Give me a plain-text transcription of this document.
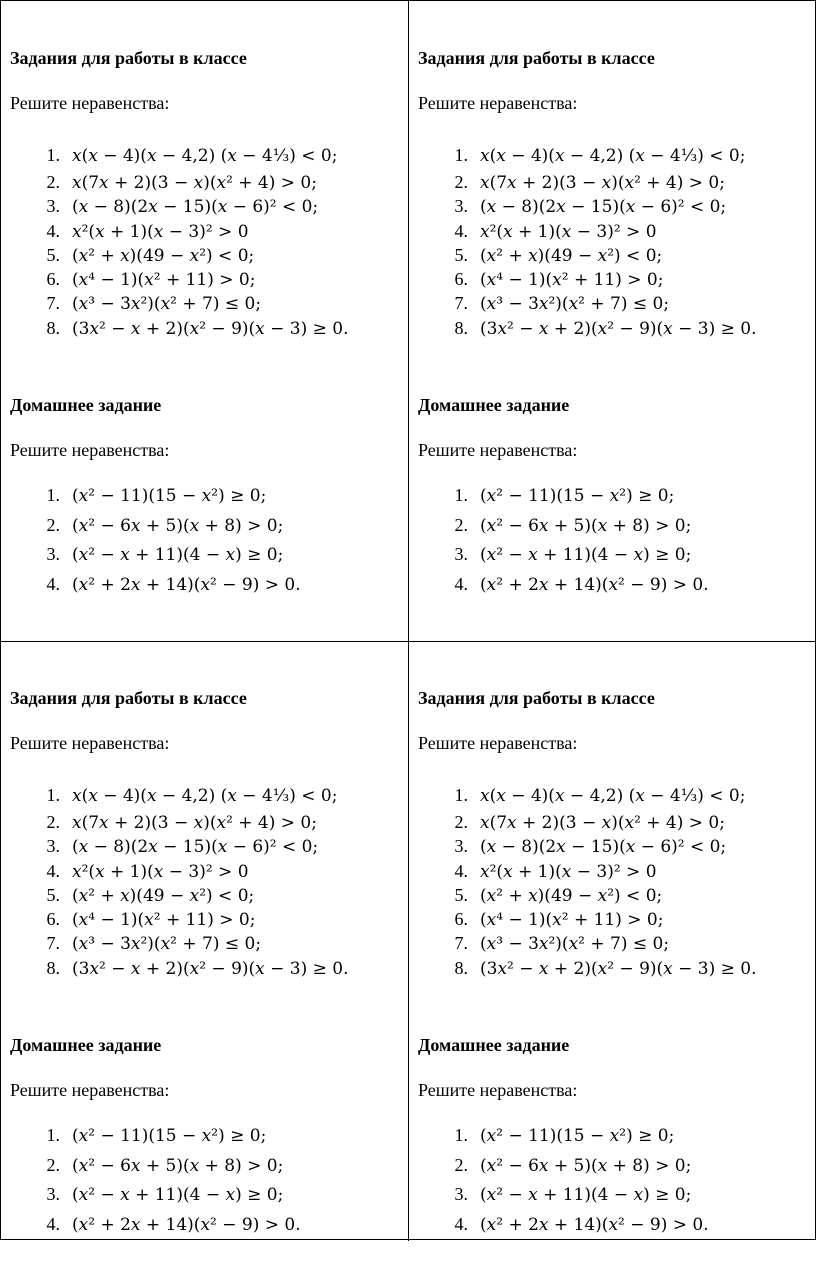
Задания для работы в классе
Решите неравенства:
1 . 𝑥(𝑥 − 4)(𝑥 − 4,2) (𝑥 − 4⅓) < 0;
2 . 𝑥(7𝑥 + 2)(3 − 𝑥)(𝑥² + 4) > 0;
3 . (𝑥 − 8)(2𝑥 − 15)(𝑥 − 6)² < 0;
4 . 𝑥²(𝑥 + 1)(𝑥 − 3)² > 0
5 . (𝑥² + 𝑥)(49 − 𝑥²) < 0;
6 . (𝑥⁴ − 1)(𝑥² + 11) > 0;
7 . (𝑥³ − 3𝑥²)(𝑥² + 7) ≤ 0;
8 . (3𝑥² − 𝑥 + 2)(𝑥² − 9)(𝑥 − 3) ≥ 0.
Домашнее задание
Решите неравенства:
1 . (𝑥² − 11)(15 − 𝑥²) ≥ 0;
2 . (𝑥² − 6𝑥 + 5)(𝑥 + 8) > 0;
3 . (𝑥² − 𝑥 + 11)(4 − 𝑥) ≥ 0;
4 . (𝑥² + 2𝑥 + 14)(𝑥² − 9) > 0.
Задания для работы в классе
Решите неравенства:
1 . 𝑥(𝑥 − 4)(𝑥 − 4,2) (𝑥 − 4⅓) < 0;
2 . 𝑥(7𝑥 + 2)(3 − 𝑥)(𝑥² + 4) > 0;
3 . (𝑥 − 8)(2𝑥 − 15)(𝑥 − 6)² < 0;
4 . 𝑥²(𝑥 + 1)(𝑥 − 3)² > 0
5 . (𝑥² + 𝑥)(49 − 𝑥²) < 0;
6 . (𝑥⁴ − 1)(𝑥² + 11) > 0;
7 . (𝑥³ − 3𝑥²)(𝑥² + 7) ≤ 0;
8 . (3𝑥² − 𝑥 + 2)(𝑥² − 9)(𝑥 − 3) ≥ 0.
Домашнее задание
Решите неравенства:
1 . (𝑥² − 11)(15 − 𝑥²) ≥ 0;
2 . (𝑥² − 6𝑥 + 5)(𝑥 + 8) > 0;
3 . (𝑥² − 𝑥 + 11)(4 − 𝑥) ≥ 0;
4 . (𝑥² + 2𝑥 + 14)(𝑥² − 9) > 0.
Задания для работы в классе
Решите неравенства:
1 . 𝑥(𝑥 − 4)(𝑥 − 4,2) (𝑥 − 4⅓) < 0;
2 . 𝑥(7𝑥 + 2)(3 − 𝑥)(𝑥² + 4) > 0;
3 . (𝑥 − 8)(2𝑥 − 15)(𝑥 − 6)² < 0;
4 . 𝑥²(𝑥 + 1)(𝑥 − 3)² > 0
5 . (𝑥² + 𝑥)(49 − 𝑥²) < 0;
6 . (𝑥⁴ − 1)(𝑥² + 11) > 0;
7 . (𝑥³ − 3𝑥²)(𝑥² + 7) ≤ 0;
8 . (3𝑥² − 𝑥 + 2)(𝑥² − 9)(𝑥 − 3) ≥ 0.
Домашнее задание
Решите неравенства:
1 . (𝑥² − 11)(15 − 𝑥²) ≥ 0;
2 . (𝑥² − 6𝑥 + 5)(𝑥 + 8) > 0;
3 . (𝑥² − 𝑥 + 11)(4 − 𝑥) ≥ 0;
4 . (𝑥² + 2𝑥 + 14)(𝑥² − 9) > 0.
Задания для работы в классе
Решите неравенства:
1 . 𝑥(𝑥 − 4)(𝑥 − 4,2) (𝑥 − 4⅓) < 0;
2 . 𝑥(7𝑥 + 2)(3 − 𝑥)(𝑥² + 4) > 0;
3 . (𝑥 − 8)(2𝑥 − 15)(𝑥 − 6)² < 0;
4 . 𝑥²(𝑥 + 1)(𝑥 − 3)² > 0
5 . (𝑥² + 𝑥)(49 − 𝑥²) < 0;
6 . (𝑥⁴ − 1)(𝑥² + 11) > 0;
7 . (𝑥³ − 3𝑥²)(𝑥² + 7) ≤ 0;
8 . (3𝑥² − 𝑥 + 2)(𝑥² − 9)(𝑥 − 3) ≥ 0.
Домашнее задание
Решите неравенства:
1 . (𝑥² − 11)(15 − 𝑥²) ≥ 0;
2 . (𝑥² − 6𝑥 + 5)(𝑥 + 8) > 0;
3 . (𝑥² − 𝑥 + 11)(4 − 𝑥) ≥ 0;
4 . (𝑥² + 2𝑥 + 14)(𝑥² − 9) > 0.
